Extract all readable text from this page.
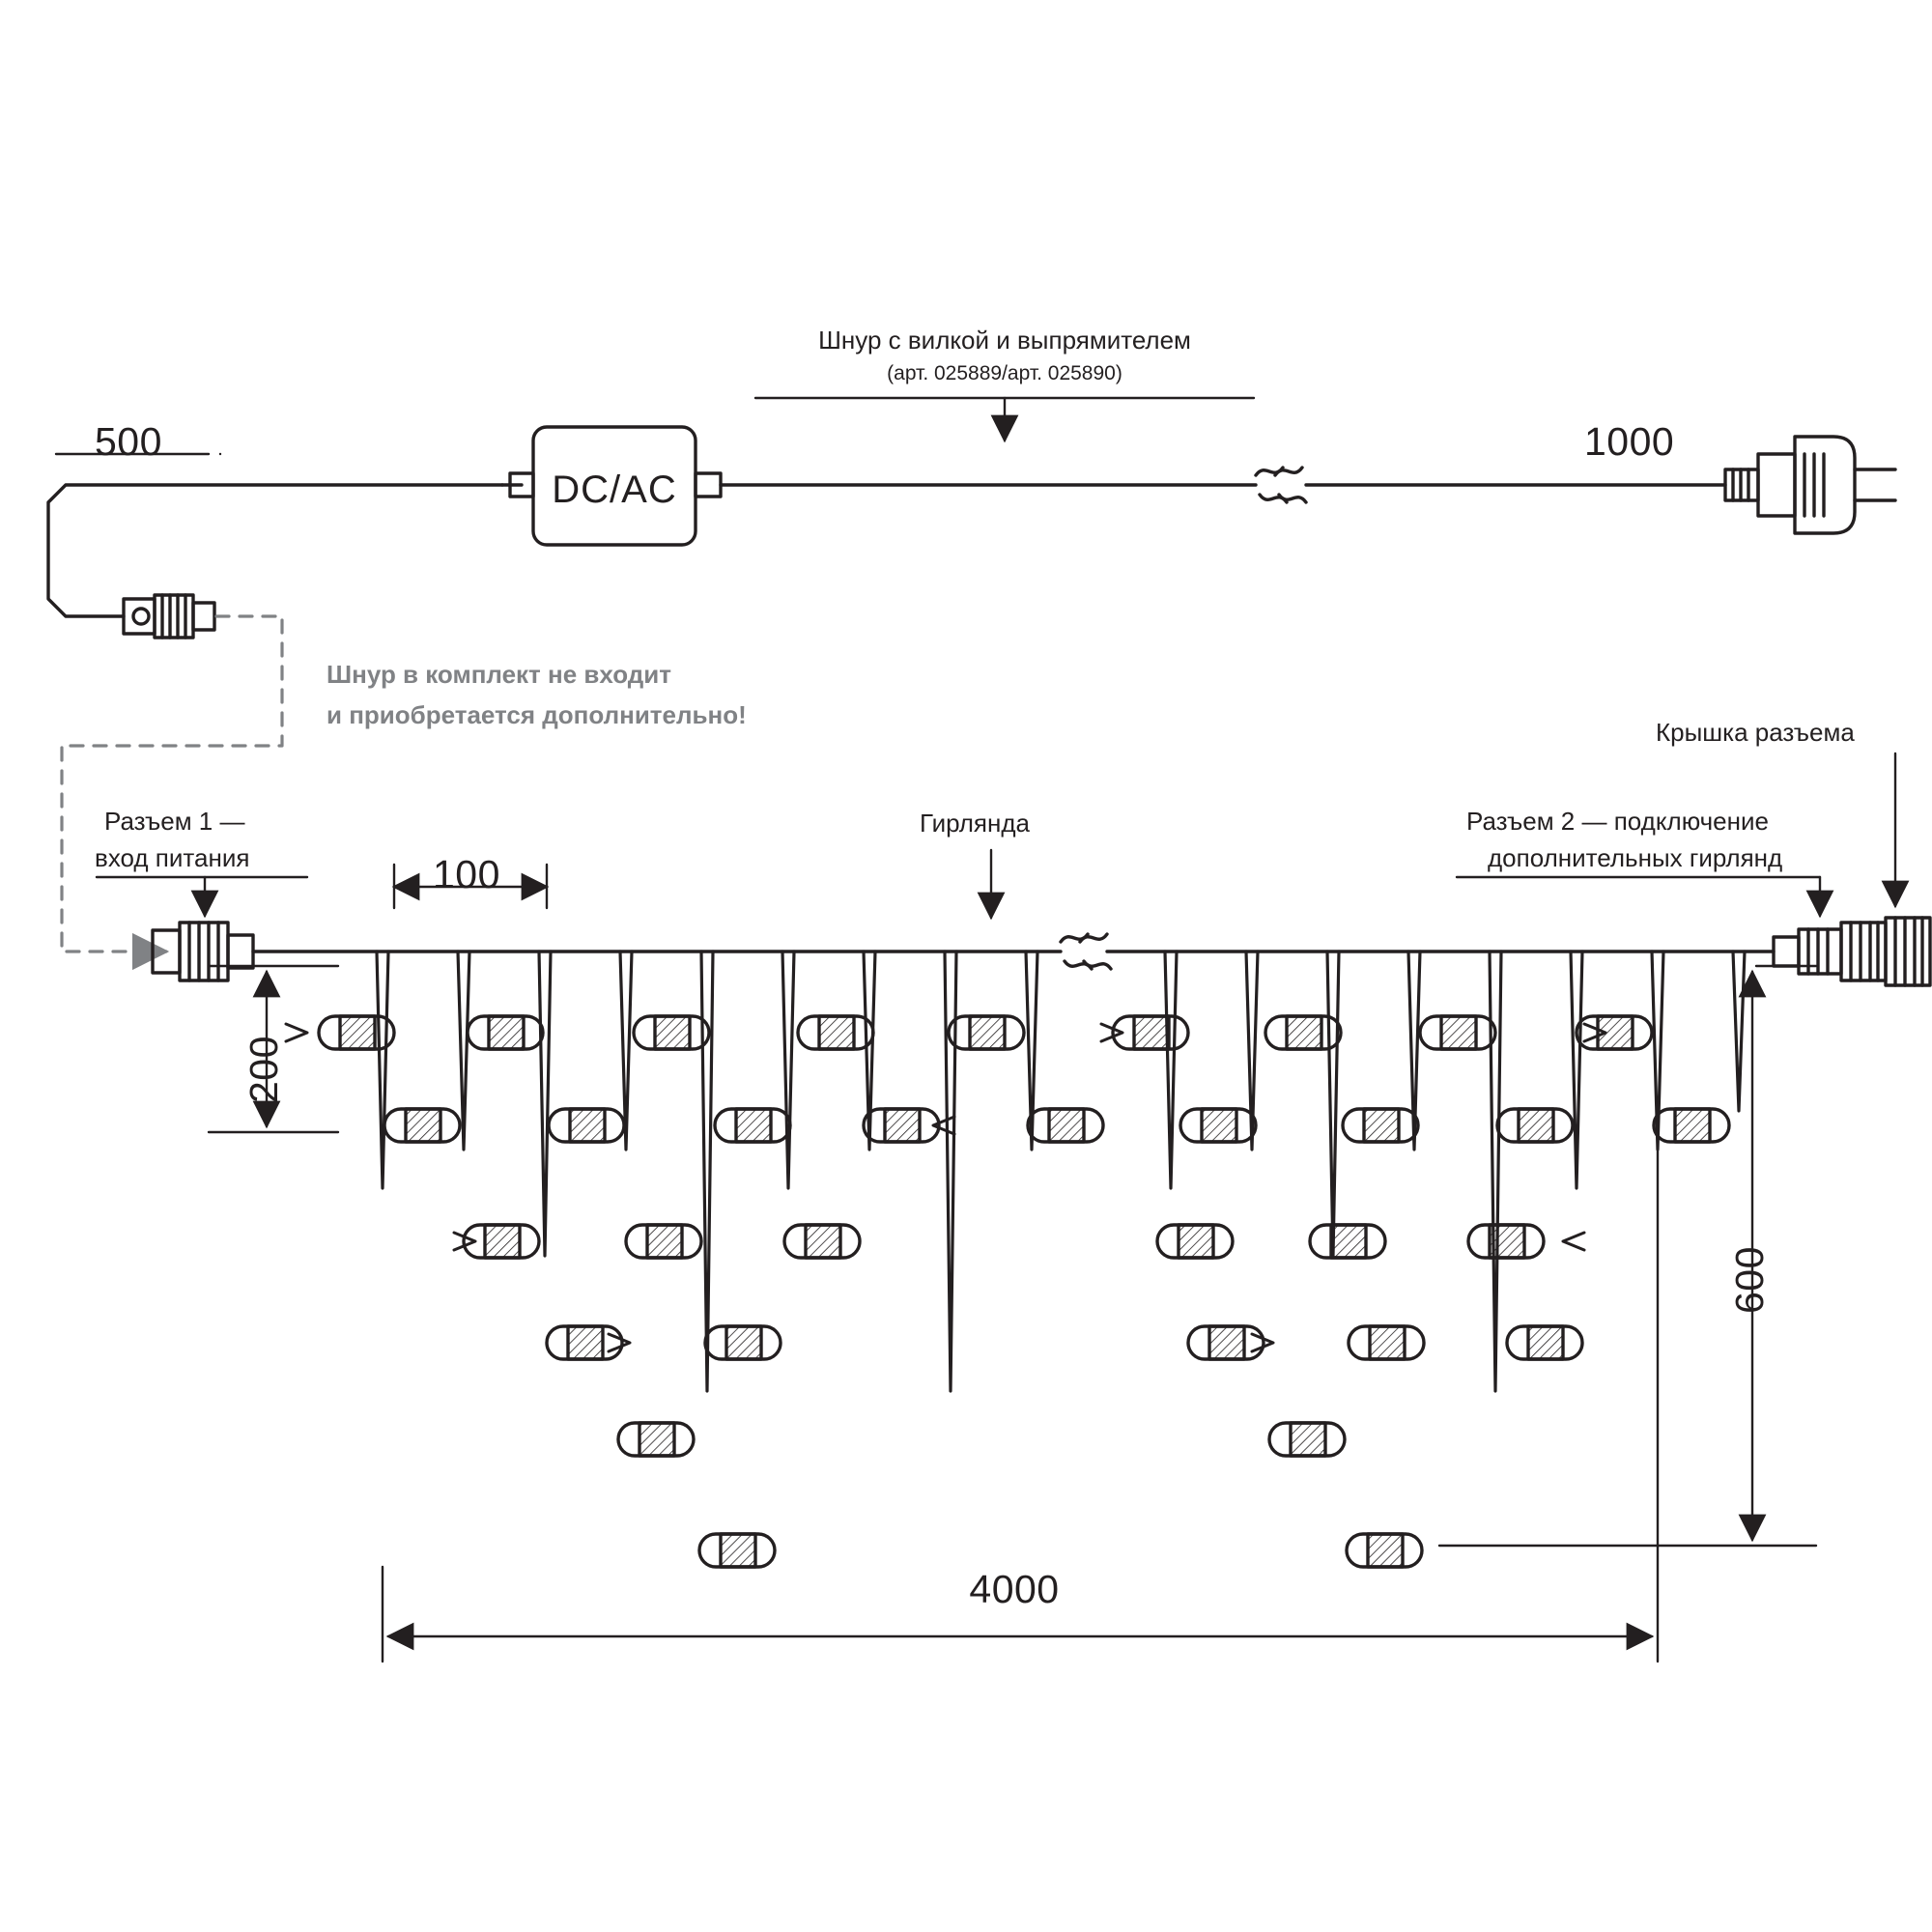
500	1000
Шнур с вилкой и выпрямителем
(арт. 025889/арт. 025890)
DC/AC
Шнур в комплект не входит
и приобретается дополнительно!
Разъем 1 —
вход питания
Разъем 2 — подключение
дополнительных гирлянд
Крышка разъема
Гирлянда
100
200
600
4000
